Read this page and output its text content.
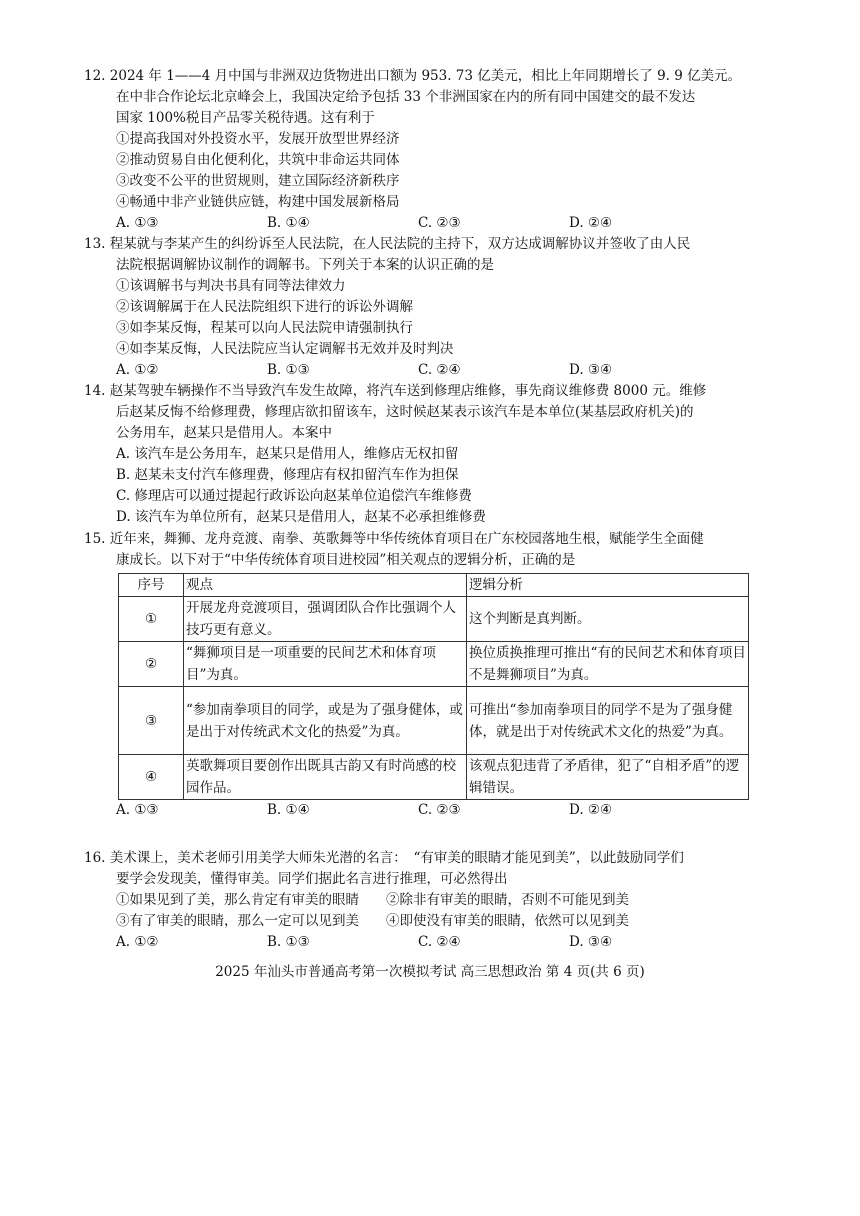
12. 2024 年 1——4 月中国与非洲双边货物进出口额为 953. 73 亿美元，相比上年同期增长了 9. 9 亿美元。
在中非合作论坛北京峰会上，我国决定给予包括 33 个非洲国家在内的所有同中国建交的最不发达
国家 100%税目产品零关税待遇。这有利于
①提高我国对外投资水平，发展开放型世界经济
②推动贸易自由化便利化，共筑中非命运共同体
③改变不公平的世贸规则，建立国际经济新秩序
④畅通中非产业链供应链，构建中国发展新格局
A. ①③	B. ①④	C. ②③	D. ②④
13. 程某就与李某产生的纠纷诉至人民法院，在人民法院的主持下，双方达成调解协议并签收了由人民
法院根据调解协议制作的调解书。下列关于本案的认识正确的是
①该调解书与判决书具有同等法律效力
②该调解属于在人民法院组织下进行的诉讼外调解
③如李某反悔，程某可以向人民法院申请强制执行
④如李某反悔，人民法院应当认定调解书无效并及时判决
A. ①②	B. ①③	C. ②④	D. ③④
14. 赵某驾驶车辆操作不当导致汽车发生故障，将汽车送到修理店维修，事先商议维修费 8000 元。维修
后赵某反悔不给修理费，修理店欲扣留该车，这时候赵某表示该汽车是本单位(某基层政府机关)的
公务用车，赵某只是借用人。本案中
A. 该汽车是公务用车，赵某只是借用人，维修店无权扣留
B. 赵某未支付汽车修理费，修理店有权扣留汽车作为担保
C. 修理店可以通过提起行政诉讼向赵某单位追偿汽车维修费
D. 该汽车为单位所有，赵某只是借用人，赵某不必承担维修费
15. 近年来，舞狮、龙舟竞渡、南拳、英歌舞等中华传统体育项目在广东校园落地生根，赋能学生全面健
康成长。以下对于“中华传统体育项目进校园”相关观点的逻辑分析，正确的是
序号	观点	逻辑分析
①	开展龙舟竞渡项目，强调团队合作比强调个人技巧更有意义。	这个判断是真判断。
②	“舞狮项目是一项重要的民间艺术和体育项目”为真。	换位质换推理可推出“有的民间艺术和体育项目不是舞狮项目”为真。
③	“参加南拳项目的同学，或是为了强身健体，或是出于对传统武术文化的热爱”为真。	可推出“参加南拳项目的同学不是为了强身健体，就是出于对传统武术文化的热爱”为真。
④	英歌舞项目要创作出既具古韵又有时尚感的校园作品。	该观点犯违背了矛盾律，犯了“自相矛盾”的逻辑错误。
A. ①③	B. ①④	C. ②③	D. ②④
16. 美术课上，美术老师引用美学大师朱光潜的名言：　“有审美的眼睛才能见到美”，以此鼓励同学们
要学会发现美，懂得审美。同学们据此名言进行推理，可必然得出
①如果见到了美，那么肯定有审美的眼睛　　②除非有审美的眼睛，否则不可能见到美
③有了审美的眼睛，那么一定可以见到美　　④即使没有审美的眼睛，依然可以见到美
A. ①②	B. ①③	C. ②④	D. ③④
2025 年汕头市普通高考第一次模拟考试 高三思想政治 第 4 页(共 6 页)
